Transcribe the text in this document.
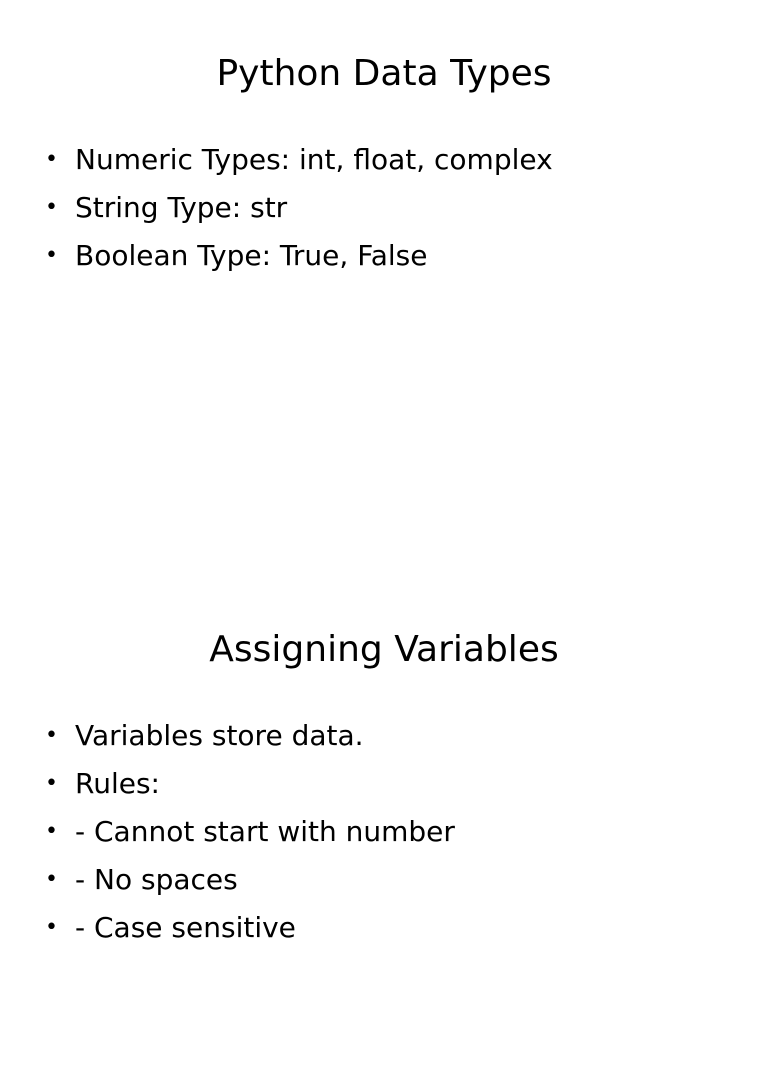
Python Data Types
• Numeric Types: int, float, complex
• String Type: str
• Boolean Type: True, False
Assigning Variables
• Variables store data.
• Rules:
• - Cannot start with number
• - No spaces
• - Case sensitive
